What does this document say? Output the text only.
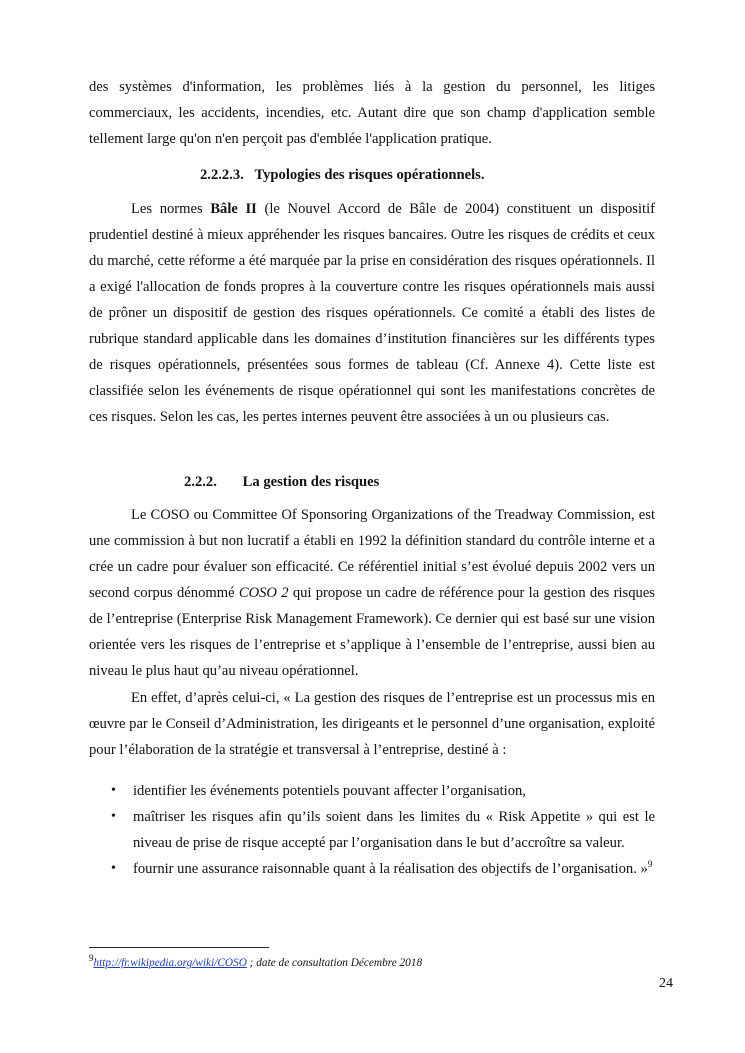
des systèmes d'information, les problèmes liés à la gestion du personnel, les litiges commerciaux, les accidents, incendies, etc. Autant dire que son champ d'application semble tellement large qu'on n'en perçoit pas d'emblée l'application pratique.

2.2.2.3. Typologies des risques opérationnels.

Les normes Bâle II (le Nouvel Accord de Bâle de 2004) constituent un dispositif prudentiel destiné à mieux appréhender les risques bancaires. Outre les risques de crédits et ceux du marché, cette réforme a été marquée par la prise en considération des risques opérationnels. Il a exigé l'allocation de fonds propres à la couverture contre les risques opérationnels mais aussi de prôner un dispositif de gestion des risques opérationnels. Ce comité a établi des listes de rubrique standard applicable dans les domaines d’institution financières sur les différents types de risques opérationnels, présentées sous formes de tableau (Cf. Annexe 4). Cette liste est classifiée selon les événements de risque opérationnel qui sont les manifestations concrètes de ces risques. Selon les cas, les pertes internes peuvent être associées à un ou plusieurs cas.

2.2.2. La gestion des risques

Le COSO ou Committee Of Sponsoring Organizations of the Treadway Commission, est une commission à but non lucratif a établi en 1992 la définition standard du contrôle interne et a crée un cadre pour évaluer son efficacité. Ce référentiel initial s’est évolué depuis 2002 vers un second corpus dénommé COSO 2 qui propose un cadre de référence pour la gestion des risques de l’entreprise (Enterprise Risk Management Framework). Ce dernier qui est basé sur une vision orientée vers les risques de l’entreprise et s’applique à l’ensemble de l’entreprise, aussi bien au niveau le plus haut qu’au niveau opérationnel.

En effet, d’après celui-ci, « La gestion des risques de l’entreprise est un processus mis en œuvre par le Conseil d’Administration, les dirigeants et le personnel d’une organisation, exploité pour l’élaboration de la stratégie et transversal à l’entreprise, destiné à :

• identifier les événements potentiels pouvant affecter l’organisation,
• maîtriser les risques afin qu’ils soient dans les limites du « Risk Appetite » qui est le niveau de prise de risque accepté par l’organisation dans le but d’accroître sa valeur.
• fournir une assurance raisonnable quant à la réalisation des objectifs de l’organisation. »$^9$
$^9$http://fr.wikipedia.org/wiki/COSO ; date de consultation Décembre 2018
24
